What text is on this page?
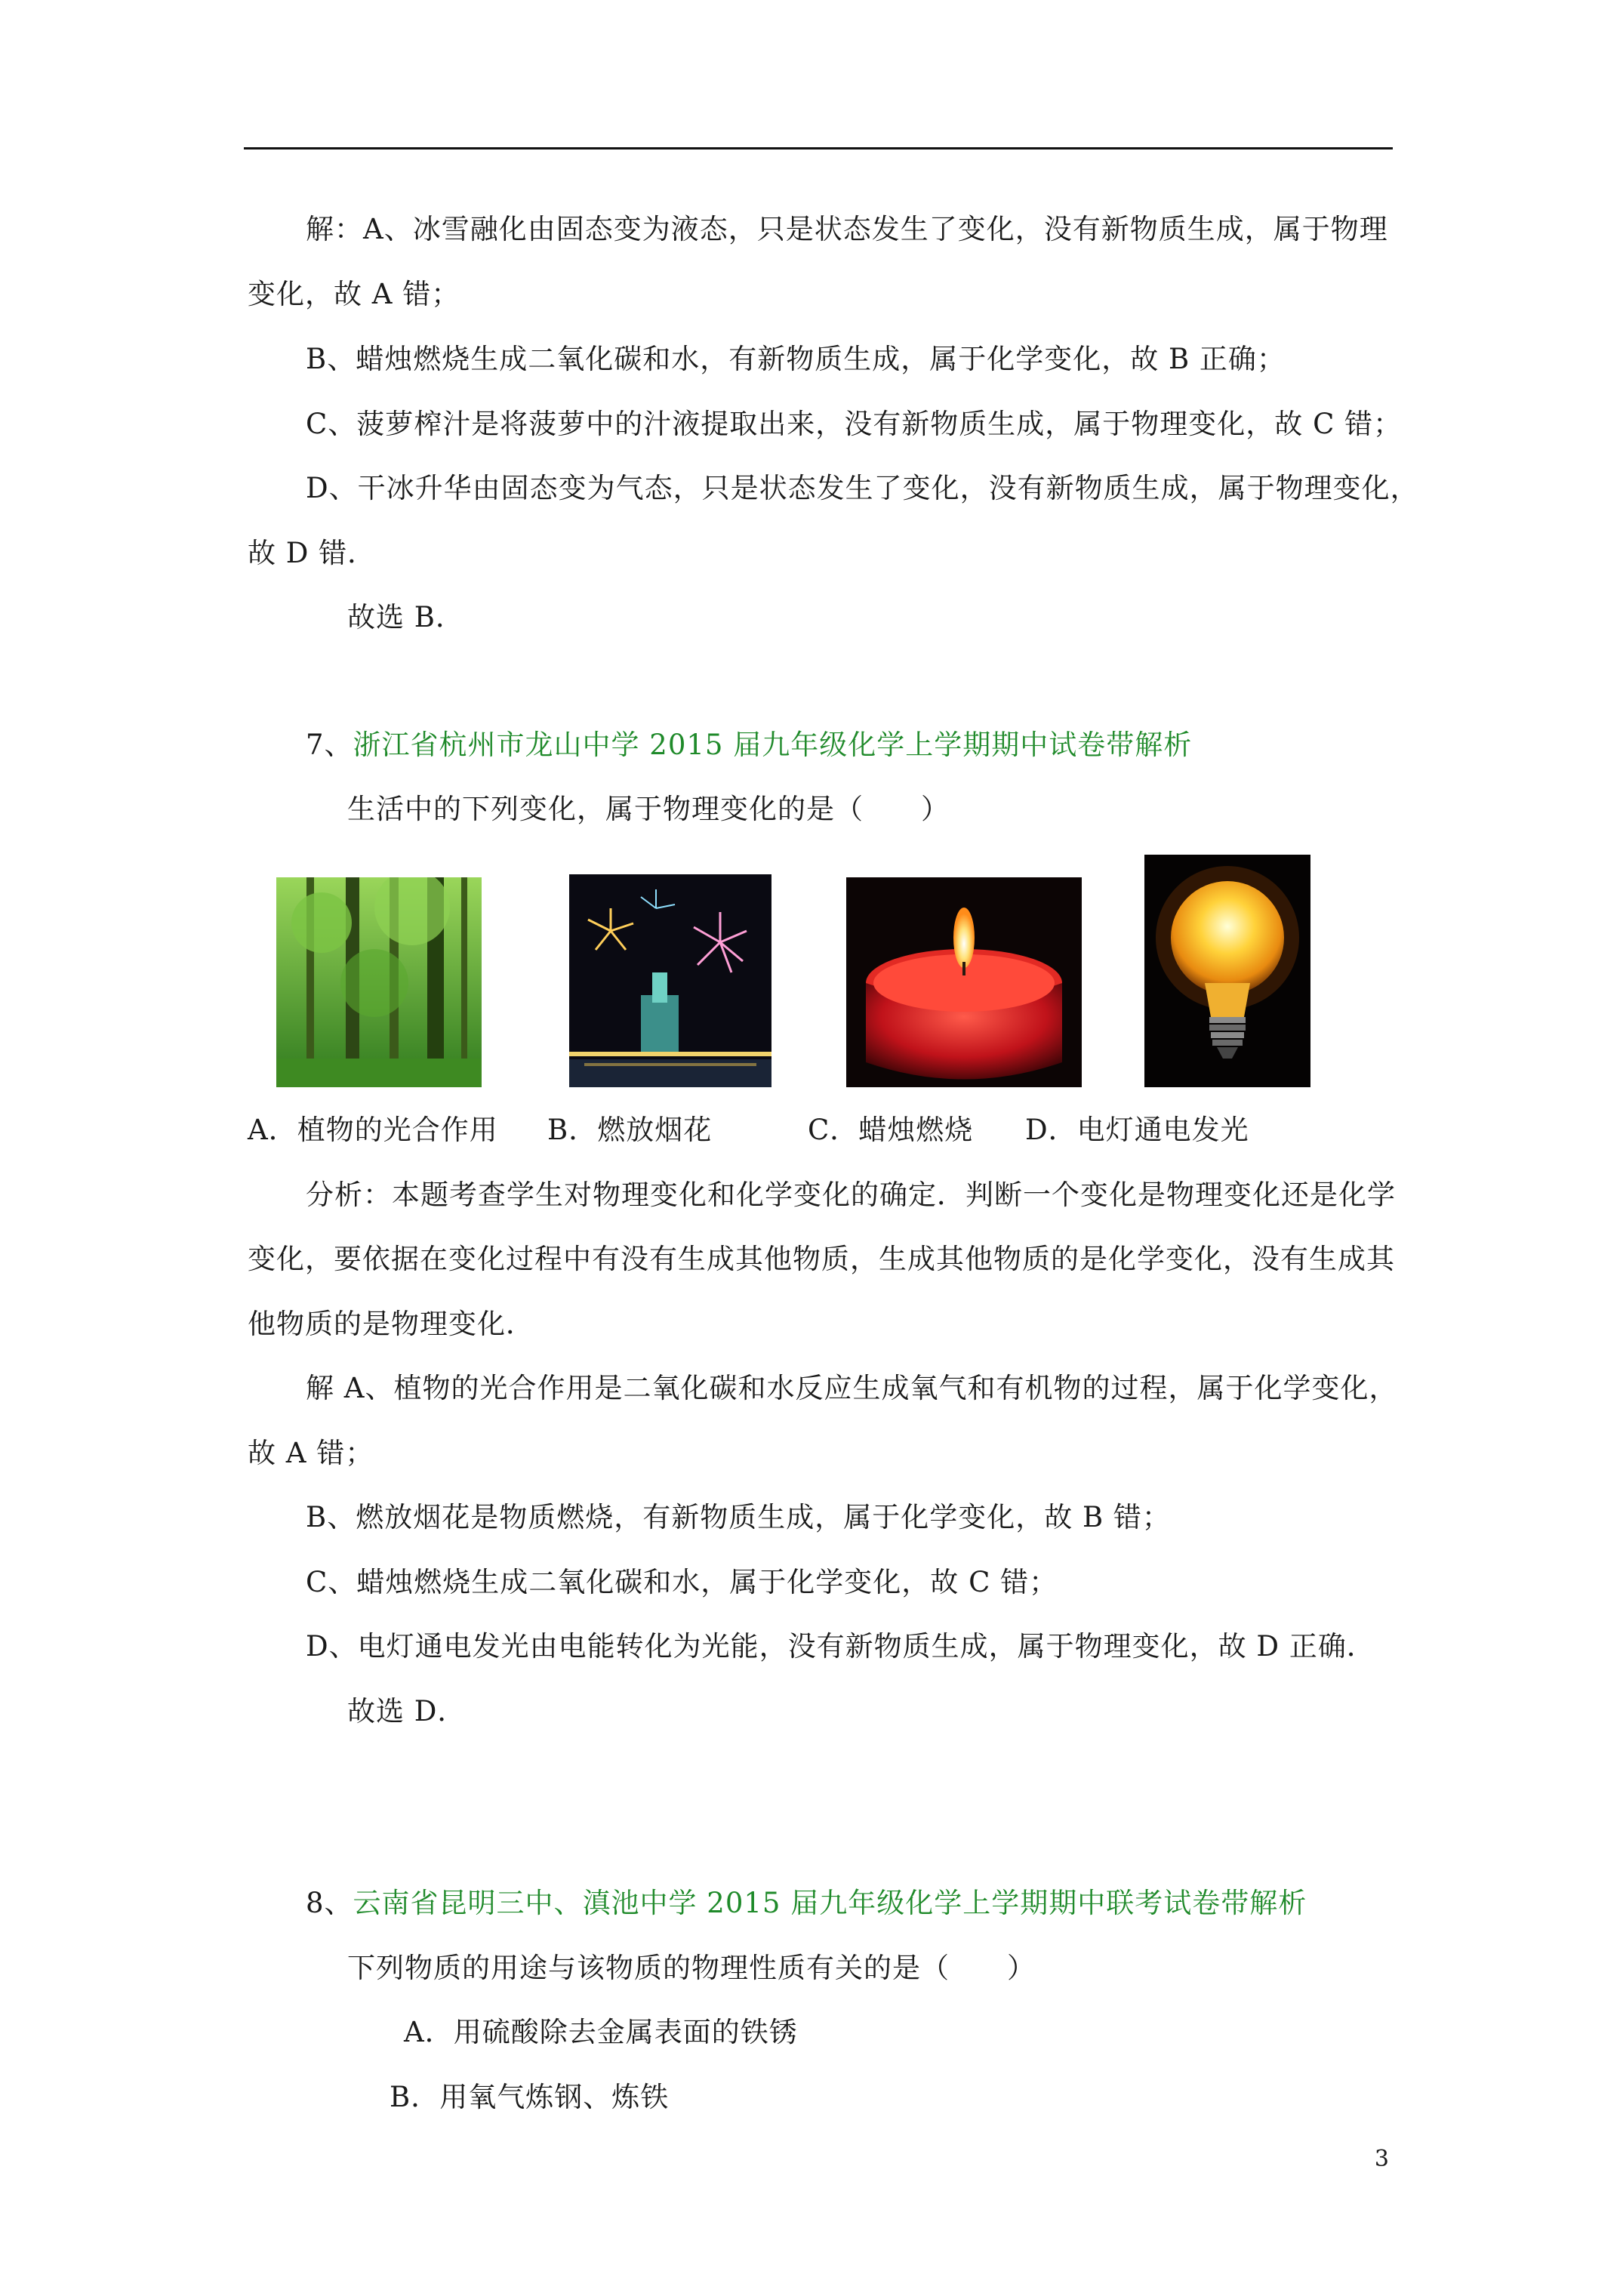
解：A、冰雪融化由固态变为液态，只是状态发生了变化，没有新物质生成，属于物理
变化，故 A 错；
B、蜡烛燃烧生成二氧化碳和水，有新物质生成，属于化学变化，故 B 正确；
C、菠萝榨汁是将菠萝中的汁液提取出来，没有新物质生成，属于物理变化，故 C 错；
D、干冰升华由固态变为气态，只是状态发生了变化，没有新物质生成，属于物理变化，
故 D 错．
故选 B．
7、浙江省杭州市龙山中学 2015 届九年级化学上学期期中试卷带解析
生活中的下列变化，属于物理变化的是（　　）
A．植物的光合作用 B．燃放烟花	C．蜡烛燃烧 D．电灯通电发光
分析：本题考查学生对物理变化和化学变化的确定．判断一个变化是物理变化还是化学
变化，要依据在变化过程中有没有生成其他物质，生成其他物质的是化学变化，没有生成其
他物质的是物理变化．
解 A、植物的光合作用是二氧化碳和水反应生成氧气和有机物的过程，属于化学变化，
故 A 错；
B、燃放烟花是物质燃烧，有新物质生成，属于化学变化，故 B 错；
C、蜡烛燃烧生成二氧化碳和水，属于化学变化，故 C 错；
D、电灯通电发光由电能转化为光能，没有新物质生成，属于物理变化，故 D 正确．
故选 D．
8、云南省昆明三中、滇池中学 2015 届九年级化学上学期期中联考试卷带解析
下列物质的用途与该物质的物理性质有关的是（　　）
A．用硫酸除去金属表面的铁锈
B．用氧气炼钢、炼铁
3
